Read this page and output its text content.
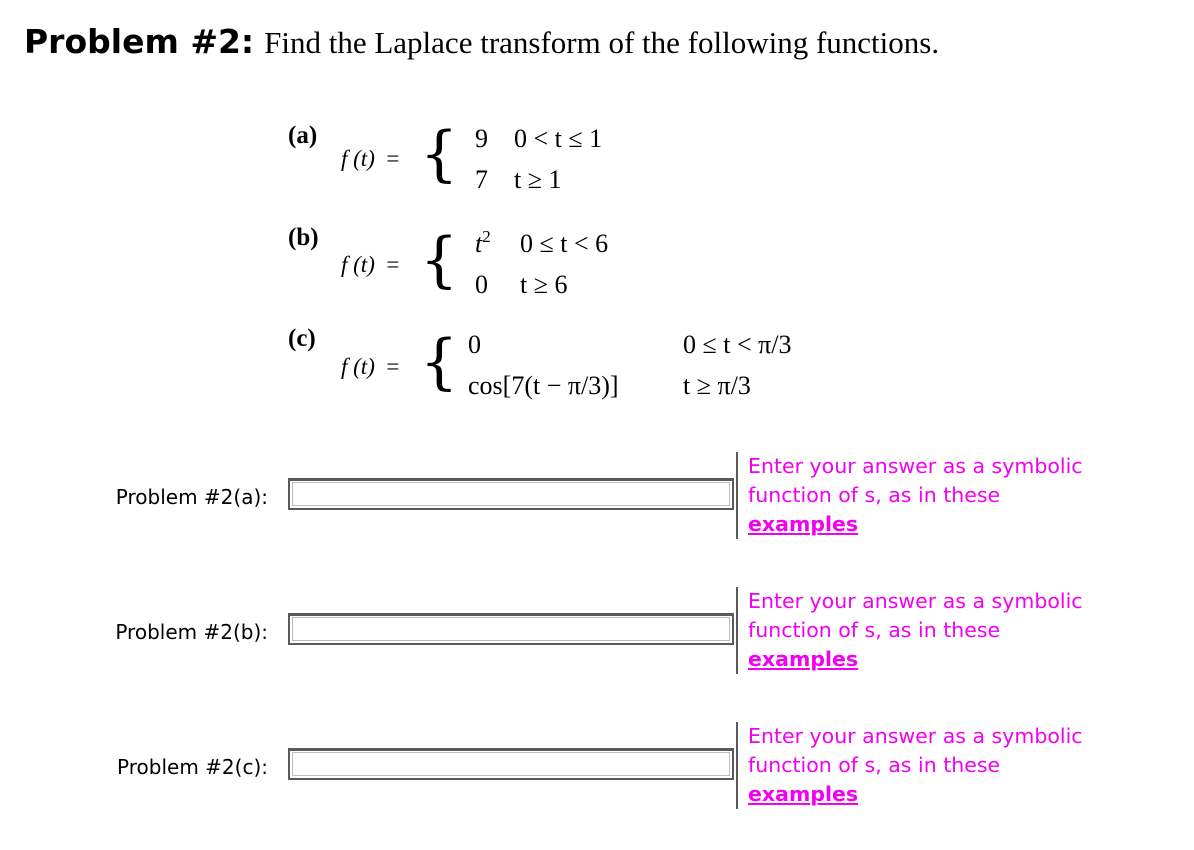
Problem #2: Find the Laplace transform of the following functions.
(a)
f (t) = { 9 0 < t ≤ 1
7 t ≥ 1
(b)
f (t) = { $t^2$ 0 ≤ t < 6
0 t ≥ 6
(c)
f (t) = { 0	0 ≤ t < π/3
cos[7(t − π/3)] t ≥ π/3
Problem #2(a):
Enter your answer as a symbolic function of s, as in these examples
Problem #2(b):
Enter your answer as a symbolic function of s, as in these examples
Problem #2(c):
Enter your answer as a symbolic function of s, as in these examples
